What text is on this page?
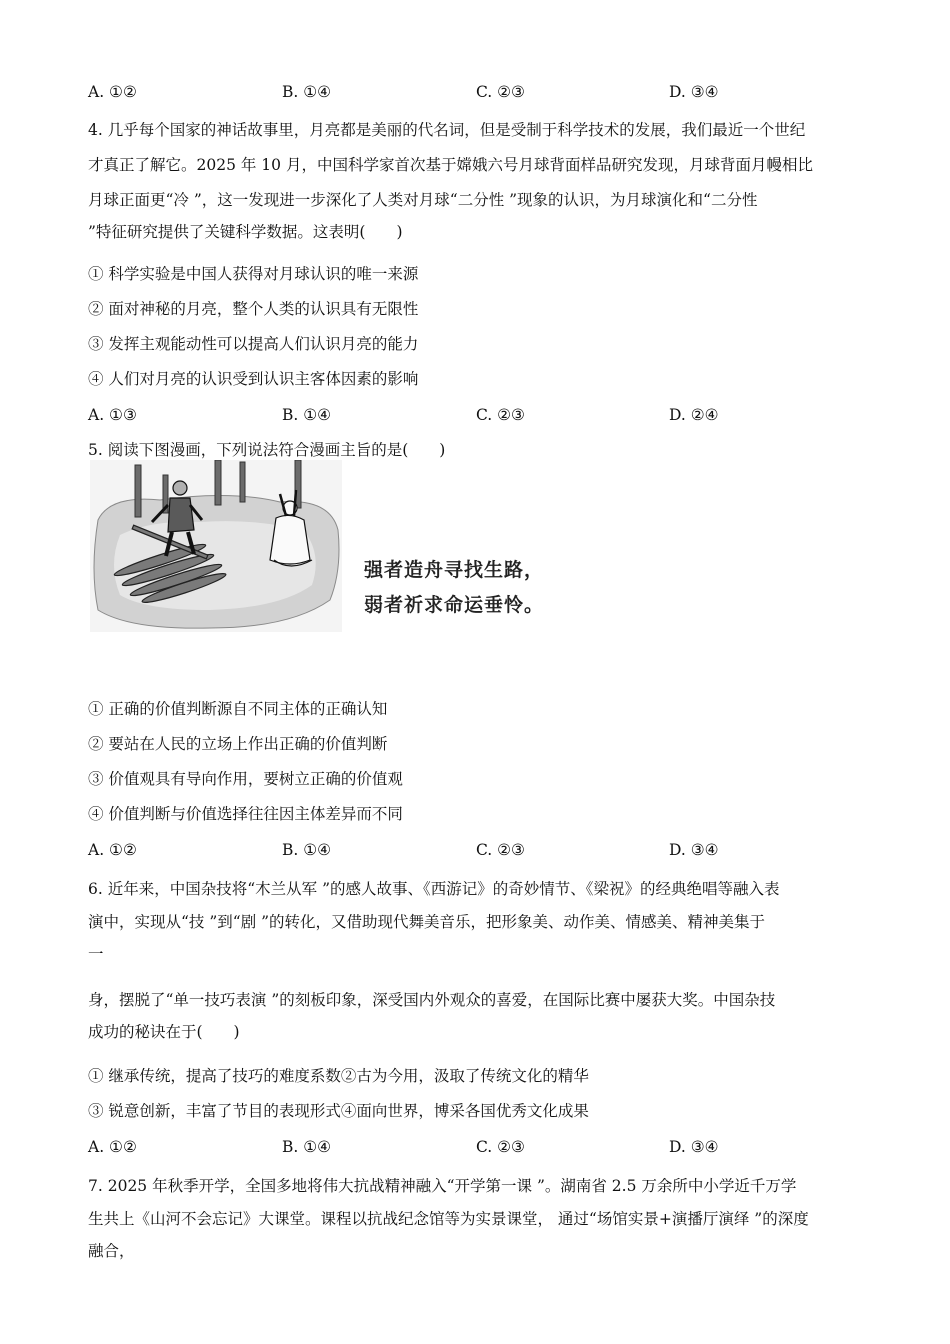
A. ①②	B. ①④	C. ②③	D. ③④
4. 几乎每个国家的神话故事里，月亮都是美丽的代名词，但是受制于科学技术的发展，我们最近一个世纪
才真正了解它。2025 年 10 月，中国科学家首次基于嫦娥六号月球背面样品研究发现，月球背面月幔相比
月球正面更“冷 ”，这一发现进一步深化了人类对月球“二分性 ”现象的认识，为月球演化和“二分性
”特征研究提供了关键科学数据。这表明(　　)
① 科学实验是中国人获得对月球认识的唯一来源
② 面对神秘的月亮，整个人类的认识具有无限性
③ 发挥主观能动性可以提高人们认识月亮的能力
④ 人们对月亮的认识受到认识主客体因素的影响
A. ①③	B. ①④	C. ②③	D. ②④
5. 阅读下图漫画，下列说法符合漫画主旨的是(　　)
强者造舟寻找生路，
弱者祈求命运垂怜。
① 正确的价值判断源自不同主体的正确认知
② 要站在人民的立场上作出正确的价值判断
③ 价值观具有导向作用，要树立正确的价值观
④ 价值判断与价值选择往往因主体差异而不同
A. ①②	B. ①④	C. ②③	D. ③④
6. 近年来，中国杂技将“木兰从军 ”的感人故事、《西游记》的奇妙情节、《梁祝》的经典绝唱等融入表
演中，实现从“技 ”到“剧 ”的转化，又借助现代舞美音乐，把形象美、动作美、情感美、精神美集于
一
身，摆脱了“单一技巧表演 ”的刻板印象，深受国内外观众的喜爱，在国际比赛中屡获大奖。中国杂技
成功的秘诀在于(　　)
① 继承传统，提高了技巧的难度系数②古为今用，汲取了传统文化的精华
③ 锐意创新，丰富了节目的表现形式④面向世界，博采各国优秀文化成果
A. ①②	B. ①④	C. ②③	D. ③④
7. 2025 年秋季开学，全国多地将伟大抗战精神融入“开学第一课 ”。湖南省 2.5 万余所中小学近千万学
生共上《山河不会忘记》大课堂。课程以抗战纪念馆等为实景课堂， 通过“场馆实景+演播厅演绎 ”的深度
融合，
